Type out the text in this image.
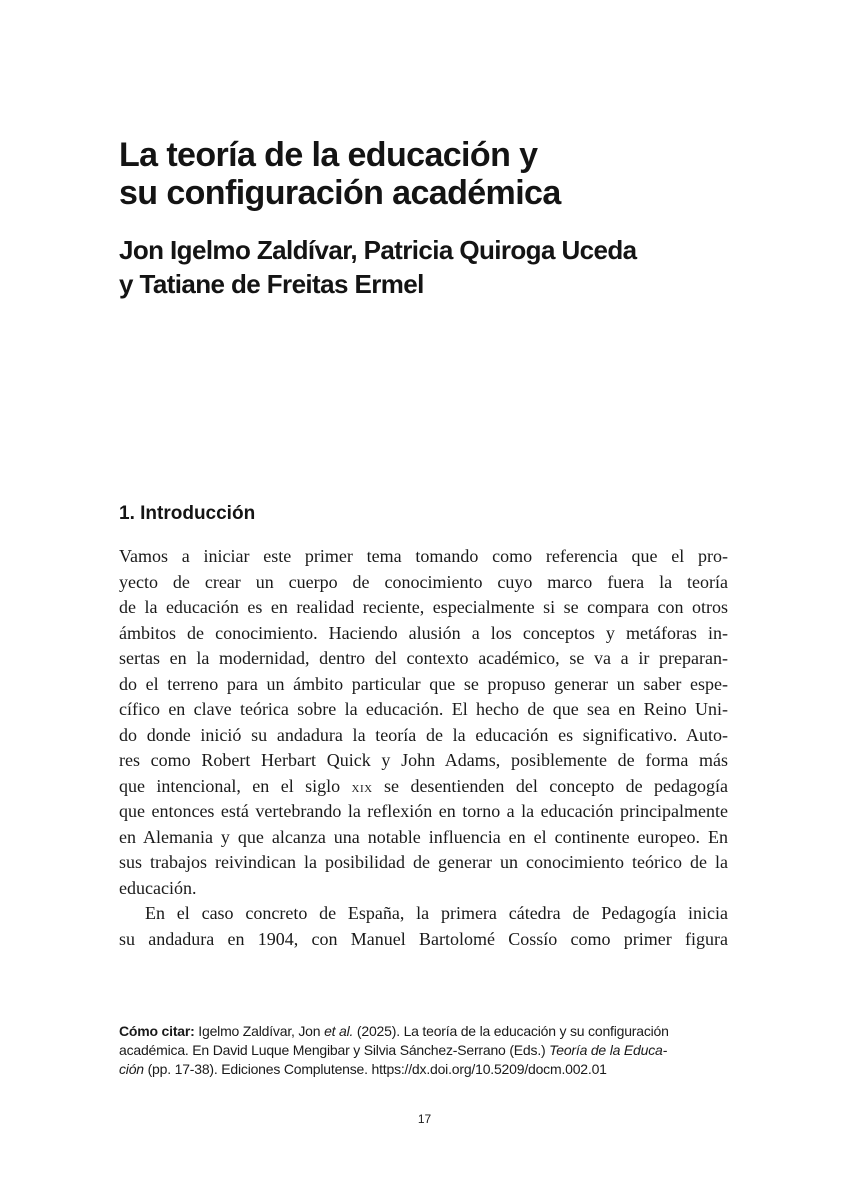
La teoría de la educación y
su configuración académica
Jon Igelmo Zaldívar, Patricia Quiroga Uceda
y Tatiane de Freitas Ermel
1. Introducción
Vamos a iniciar este primer tema tomando como referencia que el pro-
yecto de crear un cuerpo de conocimiento cuyo marco fuera la teoría
de la educación es en realidad reciente, especialmente si se compara con otros
ámbitos de conocimiento. Haciendo alusión a los conceptos y metáforas in-
sertas en la modernidad, dentro del contexto académico, se va a ir preparan-
do el terreno para un ámbito particular que se propuso generar un saber espe-
cífico en clave teórica sobre la educación. El hecho de que sea en Reino Uni-
do donde inició su andadura la teoría de la educación es significativo. Auto-
res como Robert Herbart Quick y John Adams, posiblemente de forma más
que intencional, en el siglo xix se desentienden del concepto de pedagogía
que entonces está vertebrando la reflexión en torno a la educación principalmente
en Alemania y que alcanza una notable influencia en el continente europeo. En
sus trabajos reivindican la posibilidad de generar un conocimiento teórico de la
educación.
En el caso concreto de España, la primera cátedra de Pedagogía inicia
su andadura en 1904, con Manuel Bartolomé Cossío como primer figura
Cómo citar: Igelmo Zaldívar, Jon et al. (2025). La teoría de la educación y su configuración
académica. En David Luque Mengibar y Silvia Sánchez-Serrano (Eds.) Teoría de la Educa-
ción (pp. 17-38). Ediciones Complutense. https://dx.doi.org/10.5209/docm.002.01
17
